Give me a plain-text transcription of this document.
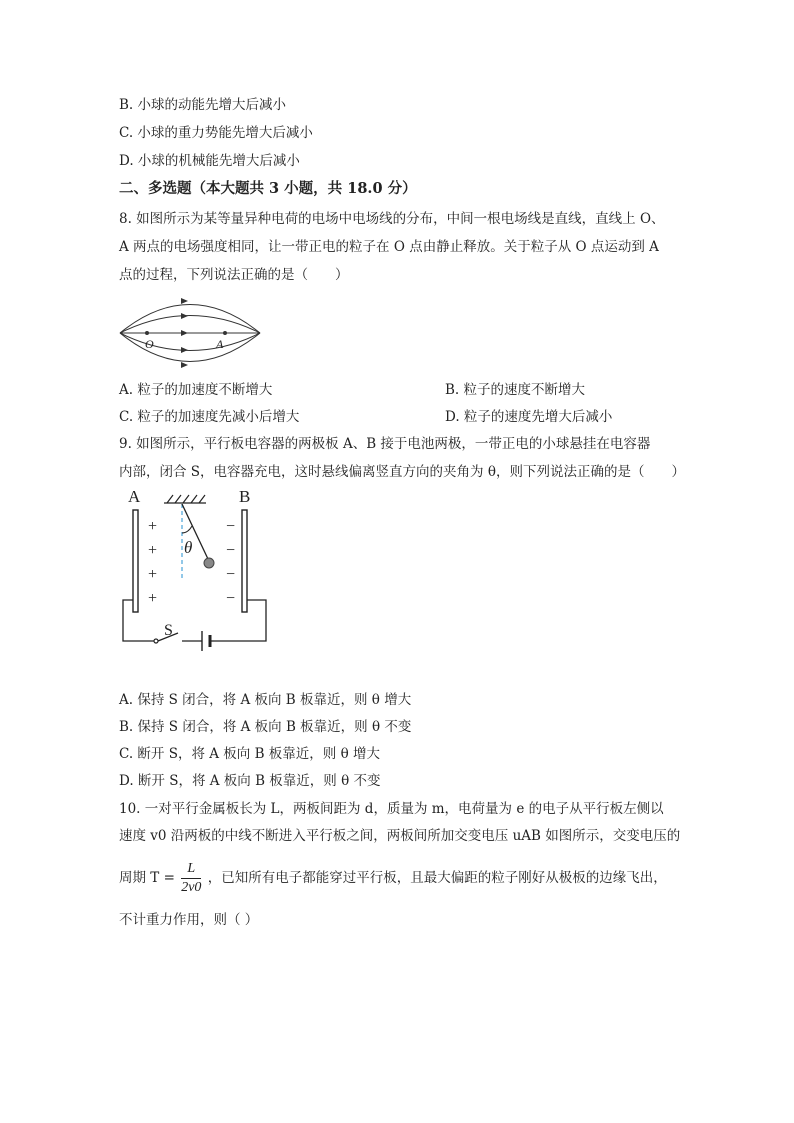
B. 小球的动能先增大后减小
C. 小球的重力势能先增大后减小
D. 小球的机械能先增大后减小
二、多选题（本大题共 3 小题，共 18.0 分）
8. 如图所示为某等量异种电荷的电场中电场线的分布，中间一根电场线是直线，直线上 O、
A 两点的电场强度相同，让一带正电的粒子在 O 点由静止释放。关于粒子从 O 点运动到 A
点的过程，下列说法正确的是（　　）
O	A
A. 粒子的加速度不断增大	B. 粒子的速度不断增大
C. 粒子的加速度先减小后增大	D. 粒子的速度先增大后减小
9. 如图所示，平行板电容器的两极板 A、B 接于电池两极，一带正电的小球悬挂在电容器
内部，闭合 S，电容器充电，这时悬线偏离竖直方向的夹角为 θ，则下列说法正确的是（　　）
A	B
+
+
+
+
−
−
−
−
θ
S
A. 保持 S 闭合，将 A 板向 B 板靠近，则 θ 增大
B. 保持 S 闭合，将 A 板向 B 板靠近，则 θ 不变
C. 断开 S，将 A 板向 B 板靠近，则 θ 增大
D. 断开 S，将 A 板向 B 板靠近，则 θ 不变
10. 一对平行金属板长为 L，两板间距为 d，质量为 m，电荷量为 e 的电子从平行板左侧以
速度 v0 沿两板的中线不断进入平行板之间，两板间所加交变电压 uAB 如图所示，交变电压的
周期 $T = \frac{L}{2v0}$ ，已知所有电子都能穿过平行板，且最大偏距的粒子刚好从极板的边缘飞出，
不计重力作用，则（ ）
